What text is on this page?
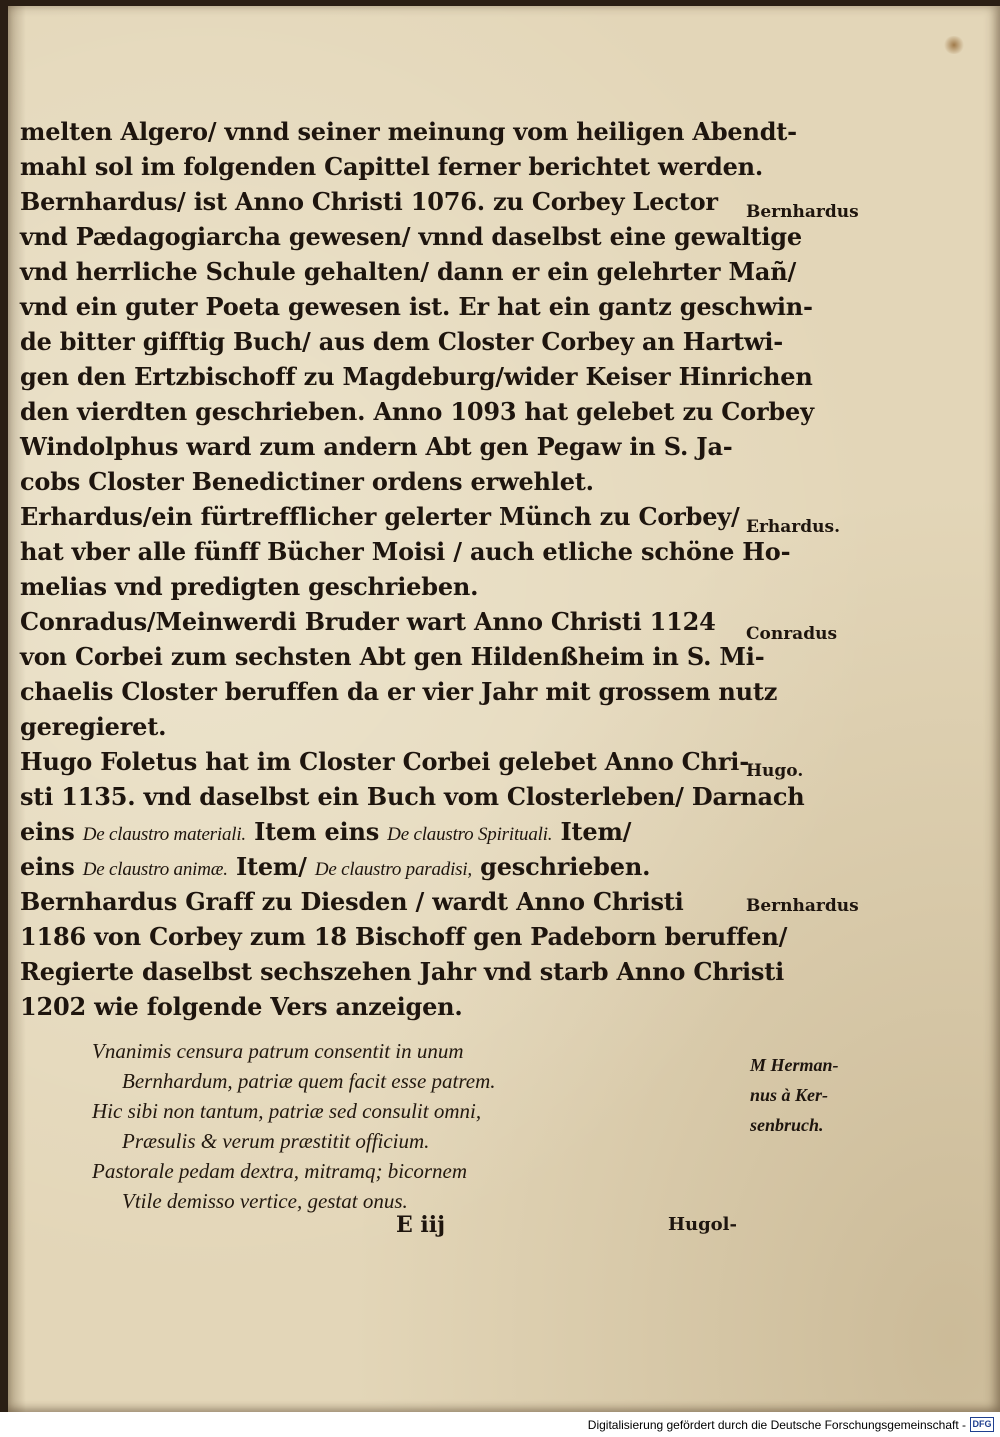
melten Algero/ vnnd seiner meinung vom heiligen Abendt-
mahl sol im folgenden Capittel ferner berichtet werden.
Bernhardus/ ist Anno Christi 1076. zu Corbey Lector
vnd Pædagogiarcha gewesen/ vnnd daselbst eine gewaltige
vnd herrliche Schule gehalten/ dann er ein gelehrter Mañ/
vnd ein guter Poeta gewesen ist. Er hat ein gantz geschwin-
de bitter gifftig Buch/ aus dem Closter Corbey an Hartwi-
gen den Ertzbischoff zu Magdeburg/wider Keiser Hinrichen
den vierdten geschrieben. Anno 1093 hat gelebet zu Corbey
Windolphus ward zum andern Abt gen Pegaw in S. Ja-
cobs Closter Benedictiner ordens erwehlet.
Erhardus/ein fürtrefflicher gelerter Münch zu Corbey/
hat vber alle fünff Bücher Moisi / auch etliche schöne Ho-
melias vnd predigten geschrieben.
Conradus/Meinwerdi Bruder wart Anno Christi 1124
von Corbei zum sechsten Abt gen Hildenßheim in S. Mi-
chaelis Closter beruffen da er vier Jahr mit grossem nutz
geregieret.
Hugo Foletus hat im Closter Corbei gelebet Anno Chri-
sti 1135. vnd daselbst ein Buch vom Closterleben/ Darnach
eins De claustro materiali. Item eins De claustro Spirituali. Item/
eins De claustro animæ. Item/ De claustro paradisi, geschrieben.
Bernhardus Graff zu Diesden / wardt Anno Christi
1186 von Corbey zum 18 Bischoff gen Padeborn beruffen/
Regierte daselbst sechszehen Jahr vnd starb Anno Christi
1202 wie folgende Vers anzeigen.
Vnanimis censura patrum consentit in unum
Bernhardum, patriæ quem facit esse patrem.
Hic sibi non tantum, patriæ sed consulit omni,
Præsulis & verum præstitit officium.
Pastorale pedam dextra, mitramq; bicornem
Vtile demisso vertice, gestat onus.
E iij	Hugol-
Bernhardus
Erhardus.
Conradus
Hugo.
Bernhardus
M Herman-
nus à Ker-
senbruch.
Digitalisierung gefördert durch die Deutsche Forschungsgemeinschaft - DFG
